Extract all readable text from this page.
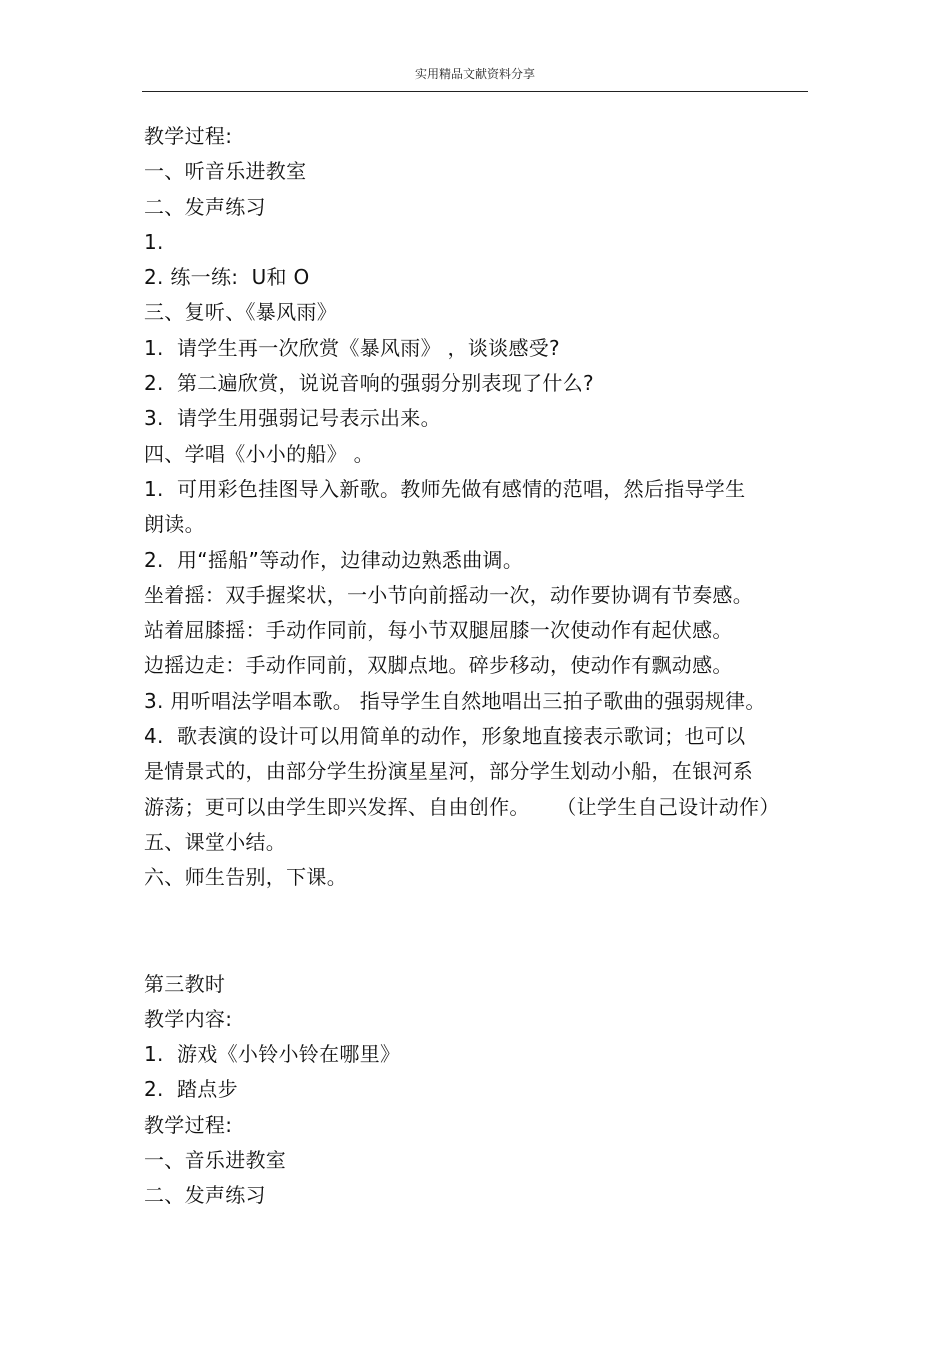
实用精品文献资料分享
教学过程:
一、听音乐进教室
二、发声练习
1.
2. 练一练:  U和 O
三、复听、《暴风雨》
1.  请学生再一次欣赏《暴风雨》 ，谈谈感受?
2.  第二遍欣赏，说说音响的强弱分别表现了什么?
3.  请学生用强弱记号表示出来。
四、学唱《小小的船》 。
1.  可用彩色挂图导入新歌。教师先做有感情的范唱，然后指导学生
朗读。
2.  用“摇船”等动作，边律动边熟悉曲调。
坐着摇：双手握桨状，一小节向前摇动一次，动作要协调有节奏感。
站着屈膝摇：手动作同前，每小节双腿屈膝一次使动作有起伏感。
边摇边走：手动作同前，双脚点地。碎步移动，使动作有飘动感。
3. 用听唱法学唱本歌。 指导学生自然地唱出三拍子歌曲的强弱规律。
4.  歌表演的设计可以用简单的动作，形象地直接表示歌词；也可以
是情景式的，由部分学生扮演星星河，部分学生划动小船，在银河系
游荡；更可以由学生即兴发挥、自由创作。    （让学生自己设计动作）
五、课堂小结。
六、师生告别，下课。
第三教时
教学内容:
1.  游戏《小铃小铃在哪里》
2.  踏点步
教学过程:
一、音乐进教室
二、发声练习
